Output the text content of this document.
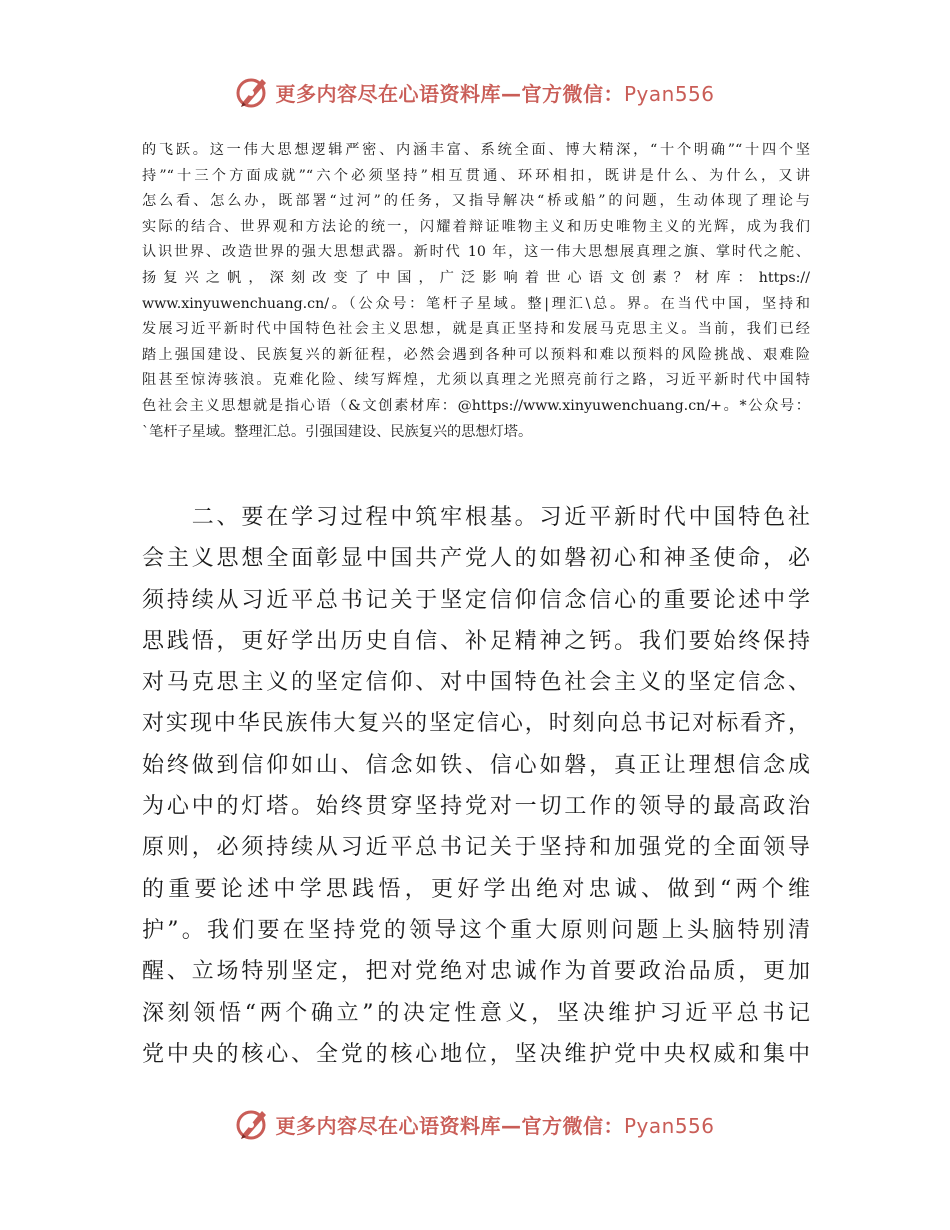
更多内容尽在心语资料库—官方微信：Pyan556
的飞跃。这一伟大思想逻辑严密、内涵丰富、系统全面、博大精深，“十个明确”“十四个坚
持”“十三个方面成就”“六个必须坚持”相互贯通、环环相扣，既讲是什么、为什么，又讲
怎么看、怎么办，既部署“过河”的任务，又指导解决“桥或船”的问题，生动体现了理论与
实际的结合、世界观和方法论的统一，闪耀着辩证唯物主义和历史唯物主义的光辉，成为我们
认识世界、改造世界的强大思想武器。新时代 10 年，这一伟大思想展真理之旗、掌时代之舵、
扬复兴之帆，深刻改变了中国，广泛影响着世心语文创素？材库：https://
www.xinyuwenchuang.cn/。（公众号：笔杆子星域。整|理汇\总。界。在当代中国，坚持和
发展习近平新时代中国特色社会主义思想，就是真正坚持和发展马克思主义。当前，我们已经
踏上强国建设、民族复兴的新征程，必然会遇到各种可以预料和难以预料的风险挑战、艰难险
阻甚至惊涛骇浪。克难化险、续写辉煌，尤须以真理之光照亮前行之路，习近平新时代中国特
色社会主义思想就是指心语（&文创素材库：@https://www.xinyuwenchuang.cn/+。*公众号：
`笔杆子星域。整理汇总。引强国建设、民族复兴的思想灯塔。
　　二、要在学习过程中筑牢根基。习近平新时代中国特色社
会主义思想全面彰显中国共产党人的如磐初心和神圣使命，必
须持续从习近平总书记关于坚定信仰信念信心的重要论述中学
思践悟，更好学出历史自信、补足精神之钙。我们要始终保持
对马克思主义的坚定信仰、对中国特色社会主义的坚定信念、
对实现中华民族伟大复兴的坚定信心，时刻向总书记对标看齐，
始终做到信仰如山、信念如铁、信心如磐，真正让理想信念成
为心中的灯塔。始终贯穿坚持党对一切工作的领导的最高政治
原则，必须持续从习近平总书记关于坚持和加强党的全面领导
的重要论述中学思践悟，更好学出绝对忠诚、做到“两个维
护”。我们要在坚持党的领导这个重大原则问题上头脑特别清
醒、立场特别坚定，把对党绝对忠诚作为首要政治品质，更加
深刻领悟“两个确立”的决定性意义，坚决维护习近平总书记
党中央的核心、全党的核心地位，坚决维护党中央权威和集中
更多内容尽在心语资料库—官方微信：Pyan556
